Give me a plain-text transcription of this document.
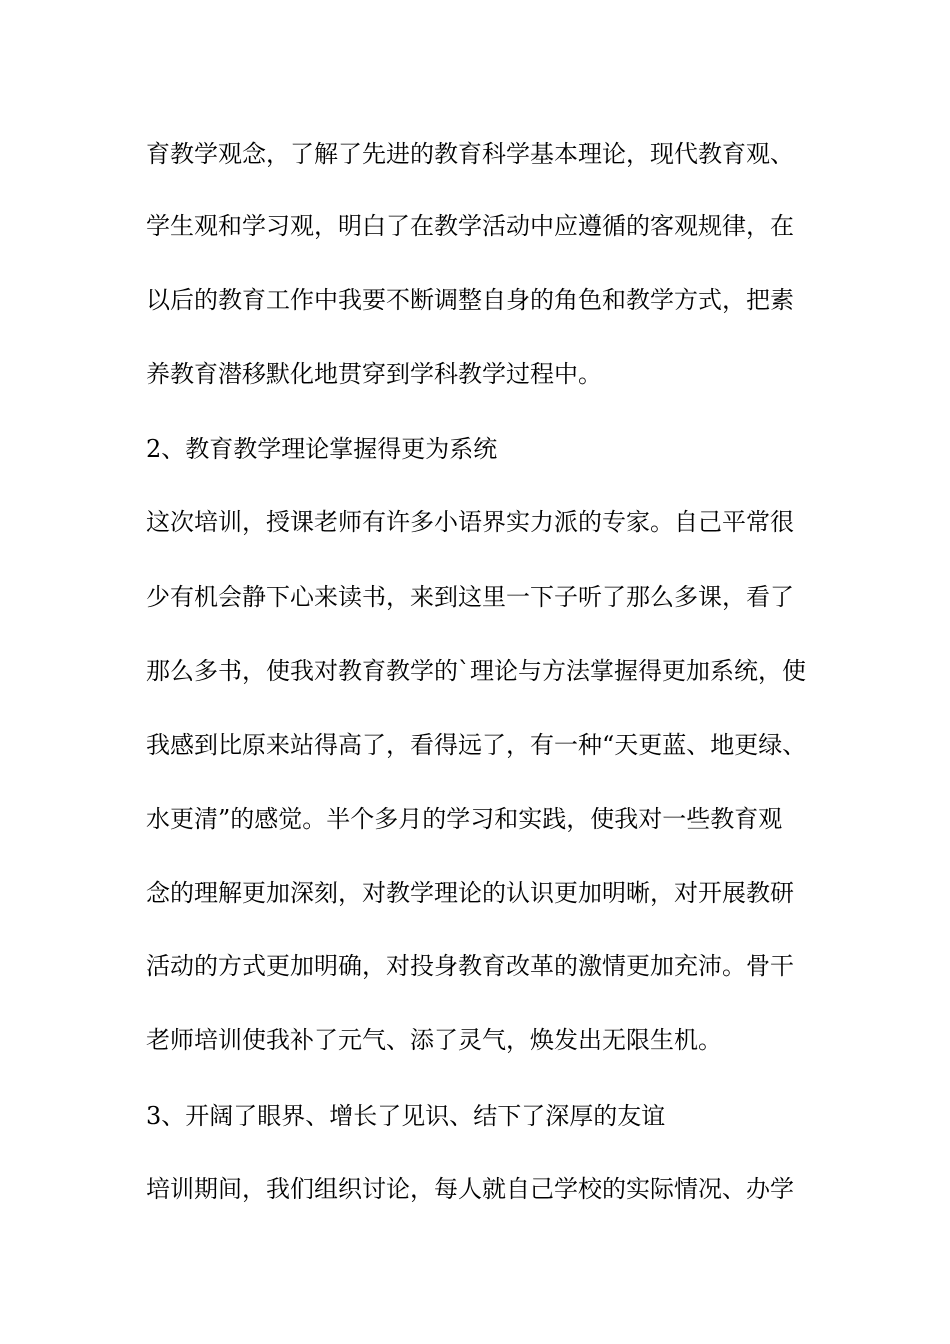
育教学观念，了解了先进的教育科学基本理论，现代教育观、
学生观和学习观，明白了在教学活动中应遵循的客观规律，在
以后的教育工作中我要不断调整自身的角色和教学方式，把素
养教育潜移默化地贯穿到学科教学过程中。
2、教育教学理论掌握得更为系统
这次培训，授课老师有许多小语界实力派的专家。自己平常很
少有机会静下心来读书，来到这里一下子听了那么多课，看了
那么多书，使我对教育教学的`理论与方法掌握得更加系统，使
我感到比原来站得高了，看得远了，有一种“天更蓝、地更绿、
水更清”的感觉。半个多月的学习和实践，使我对一些教育观
念的理解更加深刻，对教学理论的认识更加明晰，对开展教研
活动的方式更加明确，对投身教育改革的激情更加充沛。骨干
老师培训使我补了元气、添了灵气，焕发出无限生机。
3、开阔了眼界、增长了见识、结下了深厚的友谊
培训期间，我们组织讨论，每人就自己学校的实际情况、办学
